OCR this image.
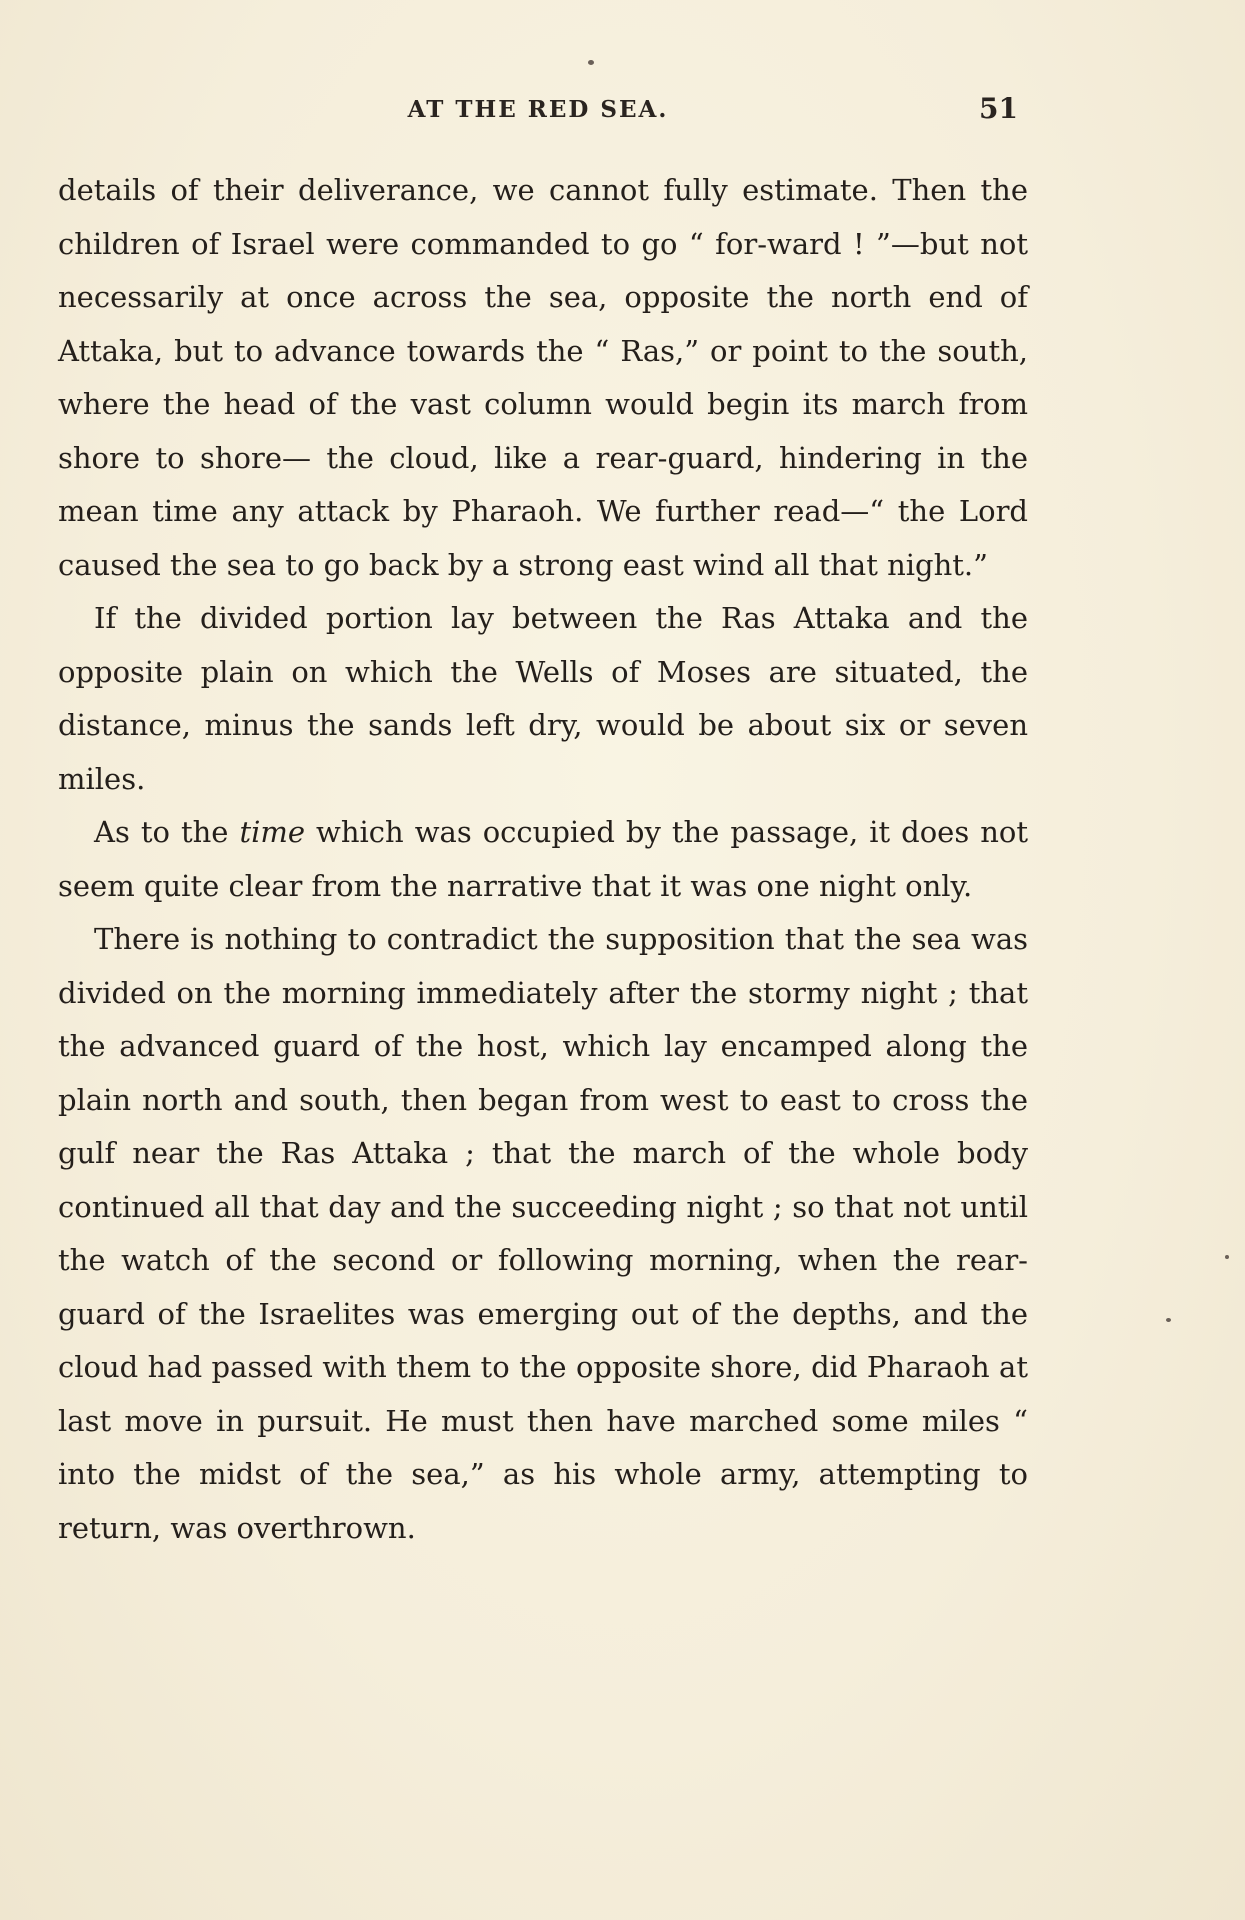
AT THE RED SEA.	51

details of their deliverance, we cannot fully estimate. Then the children of Israel were commanded to go “ for-ward ! ”—but not necessarily at once across the sea, opposite the north end of Attaka, but to advance towards the “ Ras,” or point to the south, where the head of the vast column would begin its march from shore to shore— the cloud, like a rear-guard, hindering in the mean time any attack by Pharaoh. We further read—“ the Lord caused the sea to go back by a strong east wind all that night.”

If the divided portion lay between the Ras Attaka and the opposite plain on which the Wells of Moses are situated, the distance, minus the sands left dry, would be about six or seven miles.

As to the time which was occupied by the passage, it does not seem quite clear from the narrative that it was one night only.

There is nothing to contradict the supposition that the sea was divided on the morning immediately after the stormy night ; that the advanced guard of the host, which lay encamped along the plain north and south, then began from west to east to cross the gulf near the Ras Attaka ; that the march of the whole body continued all that day and the succeeding night ; so that not until the watch of the second or following morning, when the rear-guard of the Israelites was emerging out of the depths, and the cloud had passed with them to the opposite shore, did Pharaoh at last move in pursuit. He must then have marched some miles “ into the midst of the sea,” as his whole army, attempting to return, was overthrown.
